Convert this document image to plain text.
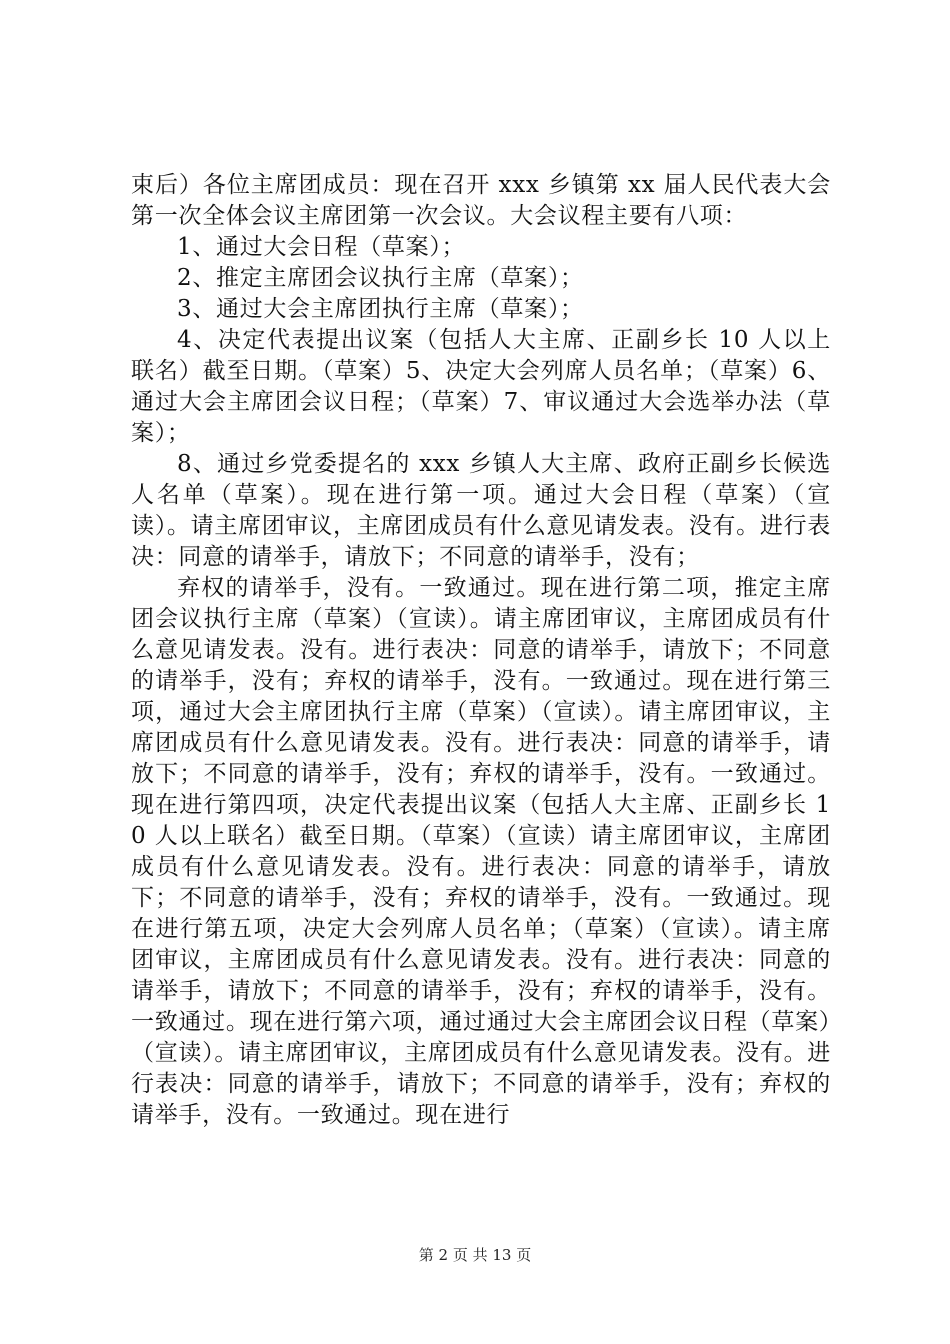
束后）各位主席团成员：现在召开 xxx 乡镇第 xx 届人民代表大会第一次全体会议主席团第一次会议。大会议程主要有八项：

1、通过大会日程（草案）；

2、推定主席团会议执行主席（草案）；

3、通过大会主席团执行主席（草案）；

4、决定代表提出议案（包括人大主席、正副乡长 10 人以上联名）截至日期。（草案）5、决定大会列席人员名单；（草案）6、通过大会主席团会议日程；（草案）7、审议通过大会选举办法（草案）；

8、通过乡党委提名的 xxx 乡镇人大主席、政府正副乡长候选人名单（草案）。现在进行第一项。通过大会日程（草案）（宣读）。请主席团审议，主席团成员有什么意见请发表。没有。进行表决：同意的请举手，请放下；不同意的请举手，没有；

弃权的请举手，没有。一致通过。现在进行第二项，推定主席团会议执行主席（草案）（宣读）。请主席团审议，主席团成员有什么意见请发表。没有。进行表决：同意的请举手，请放下；不同意的请举手，没有；弃权的请举手，没有。一致通过。现在进行第三项，通过大会主席团执行主席（草案）（宣读）。请主席团审议，主席团成员有什么意见请发表。没有。进行表决：同意的请举手，请放下；不同意的请举手，没有；弃权的请举手，没有。一致通过。现在进行第四项，决定代表提出议案（包括人大主席、正副乡长 10 人以上联名）截至日期。（草案）（宣读）请主席团审议，主席团成员有什么意见请发表。没有。进行表决：同意的请举手，请放下；不同意的请举手，没有；弃权的请举手，没有。一致通过。现在进行第五项，决定大会列席人员名单；（草案）（宣读）。请主席团审议，主席团成员有什么意见请发表。没有。进行表决：同意的请举手，请放下；不同意的请举手，没有；弃权的请举手，没有。一致通过。现在进行第六项，通过通过大会主席团会议日程（草案）（宣读）。请主席团审议，主席团成员有什么意见请发表。没有。进行表决：同意的请举手，请放下；不同意的请举手，没有；弃权的请举手，没有。一致通过。现在进行

第 2 页 共 13 页
